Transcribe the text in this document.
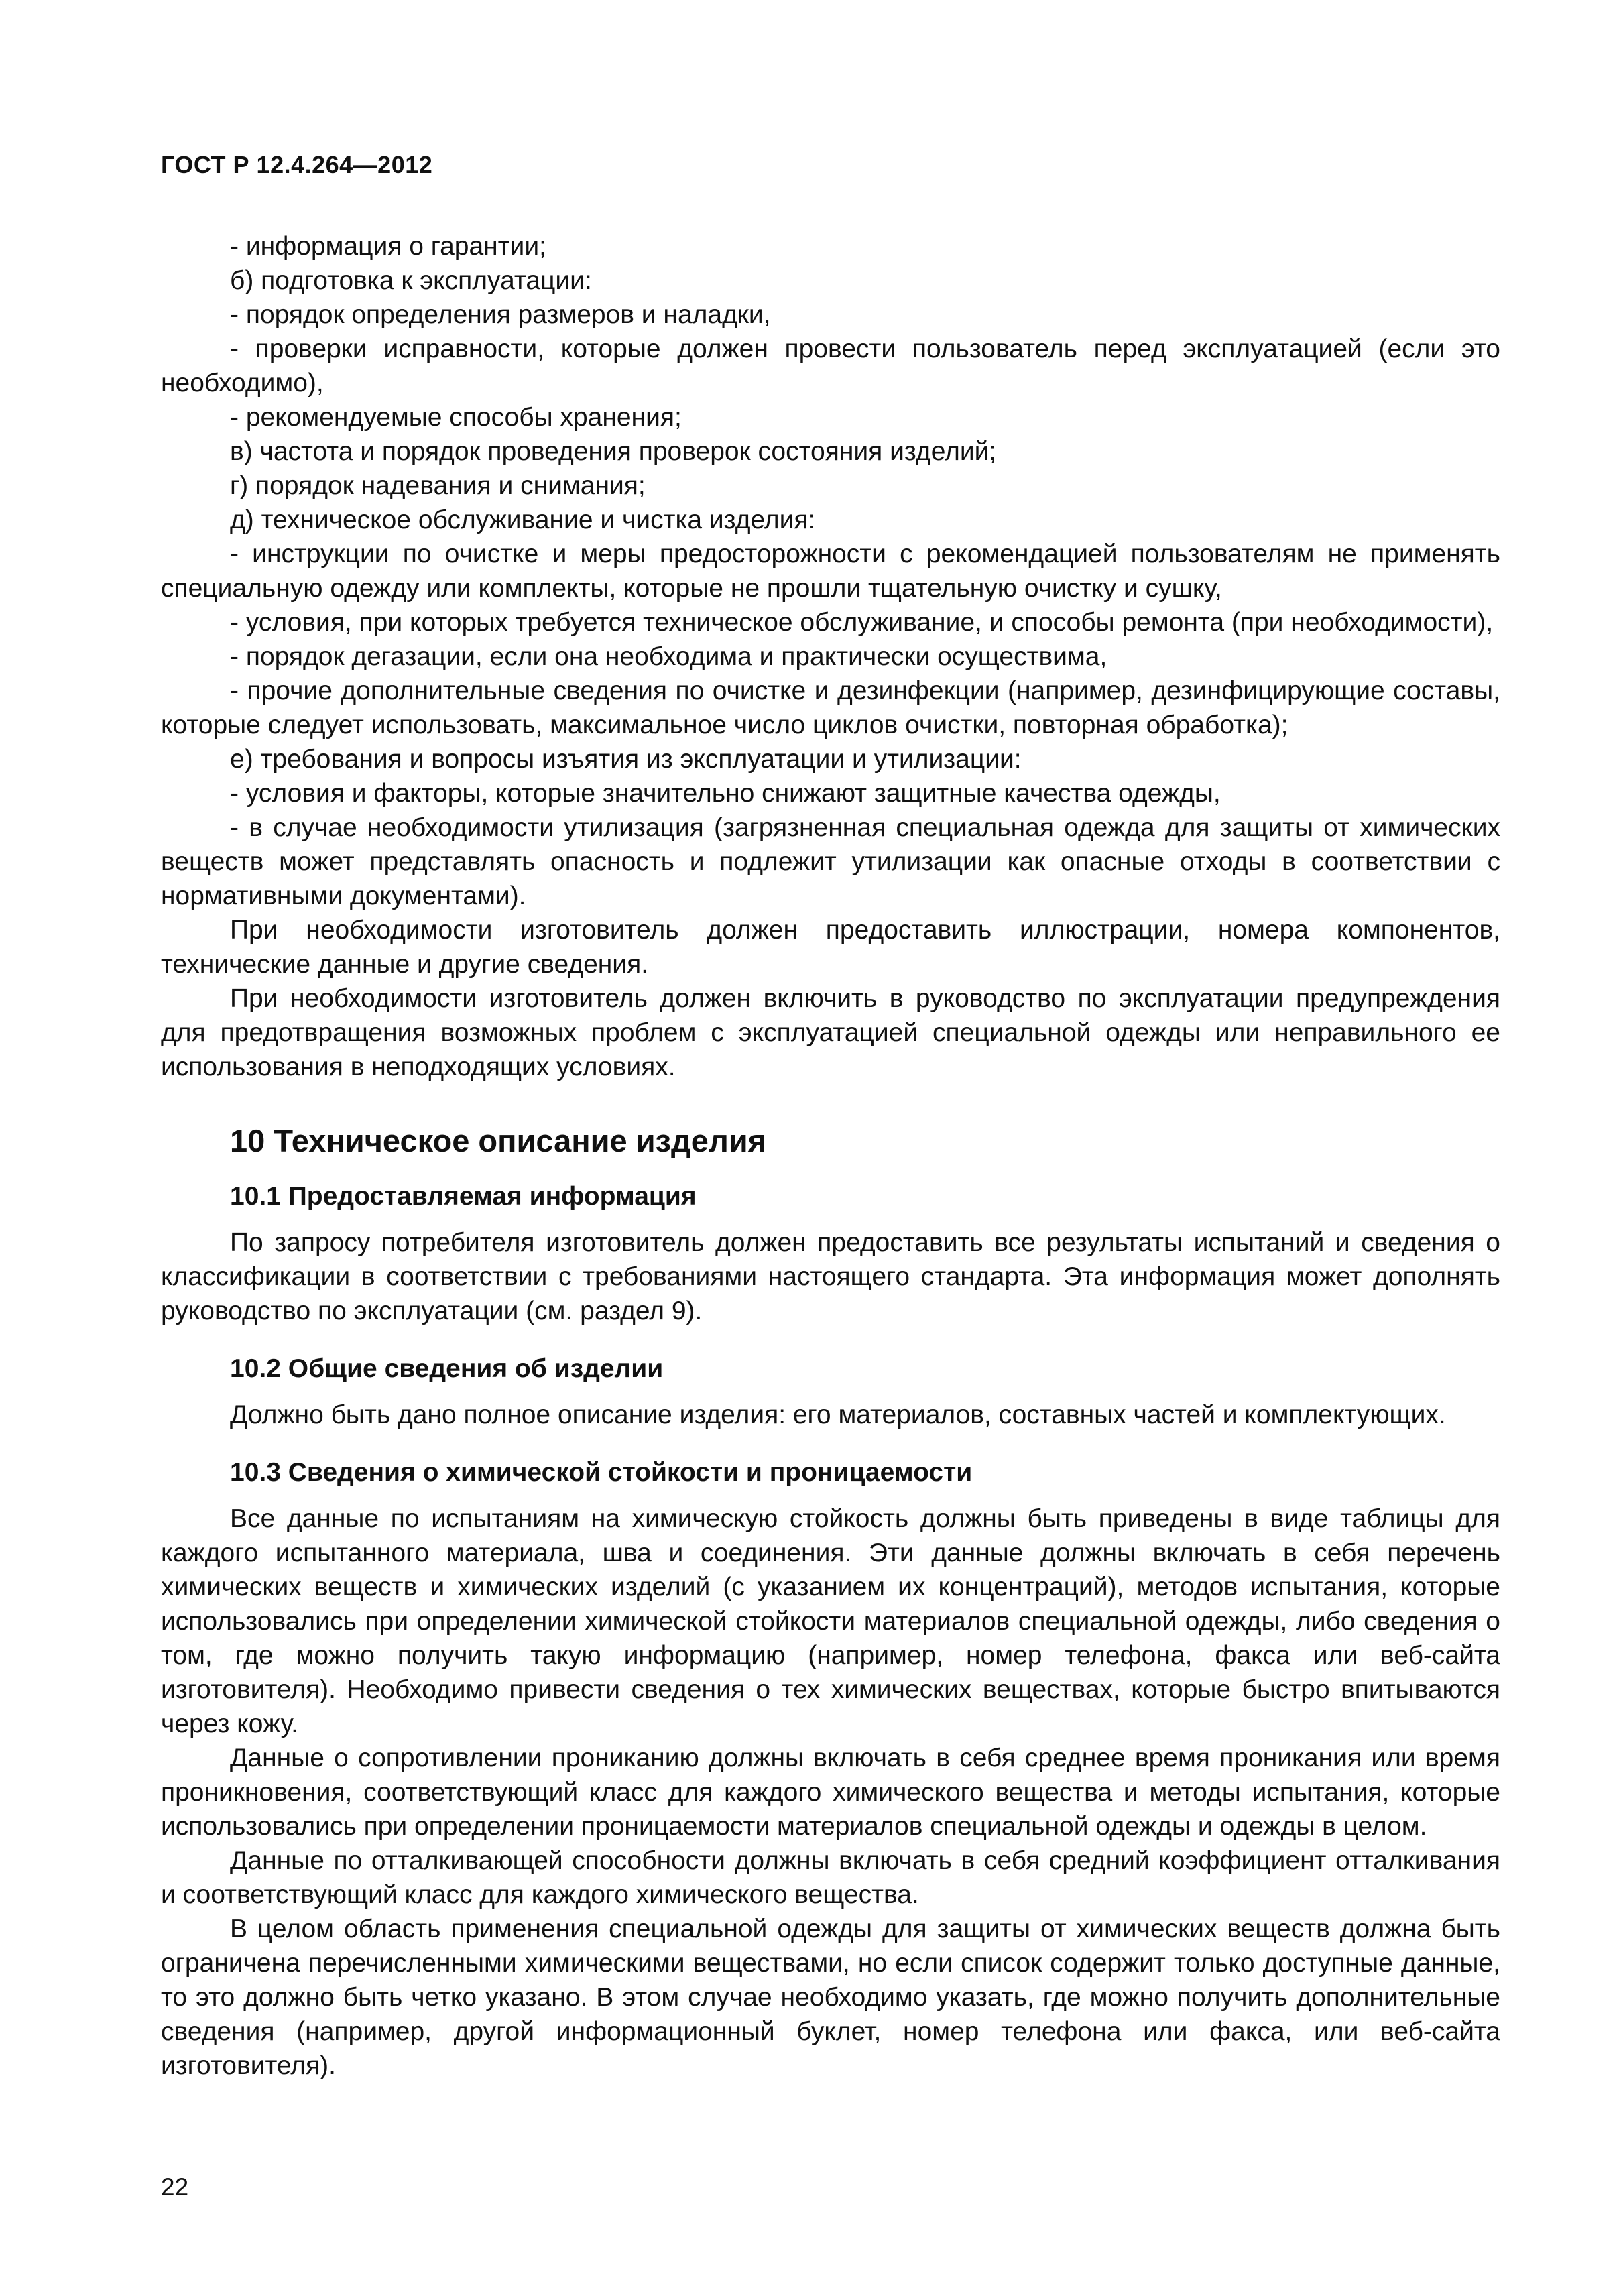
ГОСТ Р 12.4.264—2012

- информация о гарантии;

б) подготовка к эксплуатации:

- порядок определения размеров и наладки,

- проверки исправности, которые должен провести пользователь перед эксплуатацией (если это необходимо),

- рекомендуемые способы хранения;

в) частота и порядок проведения проверок состояния изделий;

г) порядок надевания и снимания;

д) техническое обслуживание и чистка изделия:

- инструкции по очистке и меры предосторожности с рекомендацией пользователям не применять специальную одежду или комплекты, которые не прошли тщательную очистку и сушку,

- условия, при которых требуется техническое обслуживание, и способы ремонта (при необходимости),

- порядок дегазации, если она необходима и практически осуществима,

- прочие дополнительные сведения по очистке и дезинфекции (например, дезинфицирующие составы, которые следует использовать, максимальное число циклов очистки, повторная обработка);

е) требования и вопросы изъятия из эксплуатации и утилизации:

- условия и факторы, которые значительно снижают защитные качества одежды,

- в случае необходимости утилизация (загрязненная специальная одежда для защиты от химических веществ может представлять опасность и подлежит утилизации как опасные отходы в соответствии с нормативными документами).

При необходимости изготовитель должен предоставить иллюстрации, номера компонентов, технические данные и другие сведения.

При необходимости изготовитель должен включить в руководство по эксплуатации предупреждения для предотвращения возможных проблем с эксплуатацией специальной одежды или неправильного ее использования в неподходящих условиях.

10 Техническое описание изделия
10.1 Предоставляемая информация

По запросу потребителя изготовитель должен предоставить все результаты испытаний и сведения о классификации в соответствии с требованиями настоящего стандарта. Эта информация может дополнять руководство по эксплуатации (см. раздел 9).

10.2 Общие сведения об изделии

Должно быть дано полное описание изделия: его материалов, составных частей и комплектующих.

10.3 Сведения о химической стойкости и проницаемости

Все данные по испытаниям на химическую стойкость должны быть приведены в виде таблицы для каждого испытанного материала, шва и соединения. Эти данные должны включать в себя перечень химических веществ и химических изделий (с указанием их концентраций), методов испытания, которые использовались при определении химической стойкости материалов специальной одежды, либо сведения о том, где можно получить такую информацию (например, номер телефона, факса или веб-сайта изготовителя). Необходимо привести сведения о тех химических веществах, которые быстро впитываются через кожу.

Данные о сопротивлении прониканию должны включать в себя среднее время проникания или время проникновения, соответствующий класс для каждого химического вещества и методы испытания, которые использовались при определении проницаемости материалов специальной одежды и одежды в целом.

Данные по отталкивающей способности должны включать в себя средний коэффициент отталкивания и соответствующий класс для каждого химического вещества.

В целом область применения специальной одежды для защиты от химических веществ должна быть ограничена перечисленными химическими веществами, но если список содержит только доступные данные, то это должно быть четко указано. В этом случае необходимо указать, где можно получить дополнительные сведения (например, другой информационный буклет, номер телефона или факса, или веб-сайта изготовителя).

22
